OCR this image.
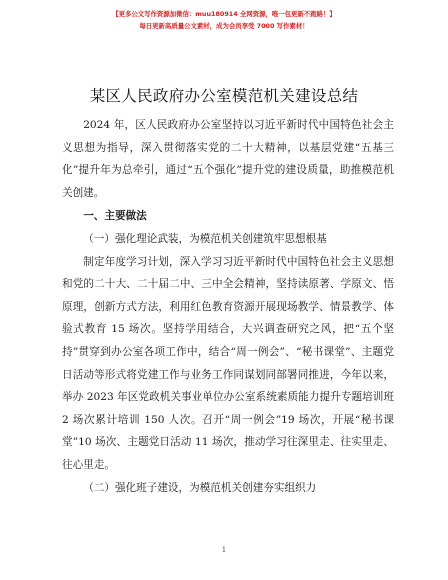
【更多公文写作资源加微信：muu180914 全网资源，唯一包更新不跑路！】
每日更新高质量公文素材，成为会员享受 7000 写作素材！
某区人民政府办公室模范机关建设总结

2024 年，区人民政府办公室坚持以习近平新时代中国特色社会主义思想为指导，深入贯彻落实党的二十大精神，以基层党建“五基三化”提升年为总牵引，通过“五个强化”提升党的建设质量，助推模范机关创建。

一、主要做法

（一）强化理论武装，为模范机关创建筑牢思想根基

制定年度学习计划，深入学习习近平新时代中国特色社会主义思想和党的二十大、二十届二中、三中全会精神，坚持读原著、学原文、悟原理，创新方式方法，利用红色教育资源开展现场教学、情景教学、体验式教育 15 场次。坚持学用结合，大兴调查研究之风，把“五个坚持”贯穿到办公室各项工作中，结合“周一例会”、“秘书课堂”、主题党日活动等形式将党建工作与业务工作同谋划同部署同推进，今年以来，举办 2023 年区党政机关事业单位办公室系统素质能力提升专题培训班 2 场次累计培训 150 人次。召开“周一例会”19 场次，开展“秘书课堂”10 场次、主题党日活动 11 场次，推动学习往深里走、往实里走、往心里走。

（二）强化班子建设，为模范机关创建夯实组织力

1
